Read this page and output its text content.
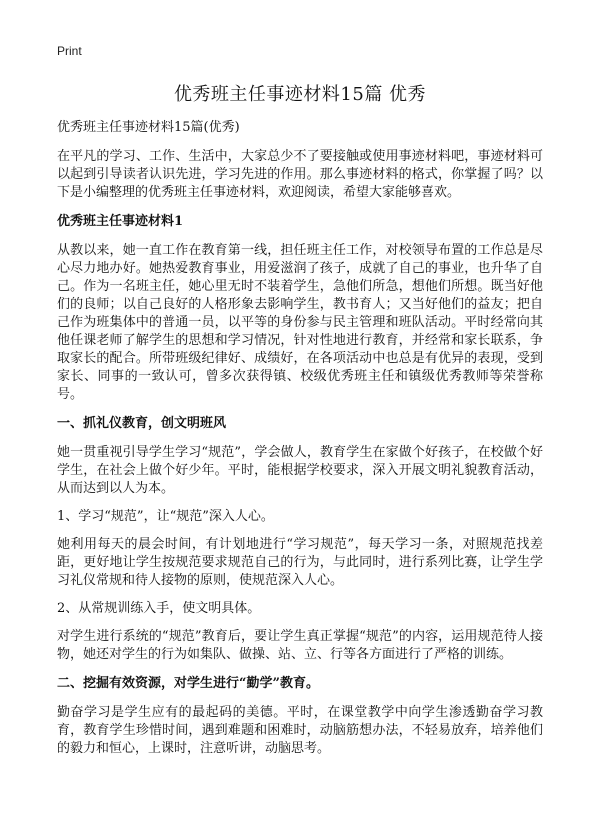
Print
优秀班主任事迹材料15篇 优秀
优秀班主任事迹材料15篇(优秀)

在平凡的学习、工作、生活中，大家总少不了要接触或使用事迹材料吧，事迹材料可以起到引导读者认识先进，学习先进的作用。那么事迹材料的格式，你掌握了吗？以下是小编整理的优秀班主任事迹材料，欢迎阅读，希望大家能够喜欢。

优秀班主任事迹材料1

从教以来，她一直工作在教育第一线，担任班主任工作，对校领导布置的工作总是尽心尽力地办好。她热爱教育事业，用爱滋润了孩子，成就了自己的事业，也升华了自己。作为一名班主任，她心里无时不装着学生，急他们所急，想他们所想。既当好他们的良师；以自己良好的人格形象去影响学生，教书育人；又当好他们的益友；把自己作为班集体中的普通一员，以平等的身份参与民主管理和班队活动。平时经常向其他任课老师了解学生的思想和学习情况，针对性地进行教育，并经常和家长联系，争取家长的配合。所带班级纪律好、成绩好，在各项活动中也总是有优异的表现，受到家长、同事的一致认可，曾多次获得镇、校级优秀班主任和镇级优秀教师等荣誉称号。

一、抓礼仪教育，创文明班风

她一贯重视引导学生学习“规范”，学会做人，教育学生在家做个好孩子，在校做个好学生，在社会上做个好少年。平时，能根据学校要求，深入开展文明礼貌教育活动，从而达到以人为本。

1、学习“规范”，让“规范”深入人心。

她利用每天的晨会时间，有计划地进行“学习规范”，每天学习一条，对照规范找差距，更好地让学生按规范要求规范自己的行为，与此同时，进行系列比赛，让学生学习礼仪常规和待人接物的原则，使规范深入人心。

2、从常规训练入手，使文明具体。

对学生进行系统的“规范”教育后，要让学生真正掌握“规范”的内容，运用规范待人接物，她还对学生的行为如集队、做操、站、立、行等各方面进行了严格的训练。

二、挖掘有效资源，对学生进行“勤学”教育。

勤奋学习是学生应有的最起码的美德。平时，在课堂教学中向学生渗透勤奋学习教育，教育学生珍惜时间，遇到难题和困难时，动脑筋想办法，不轻易放弃，培养他们的毅力和恒心，上课时，注意听讲，动脑思考。
